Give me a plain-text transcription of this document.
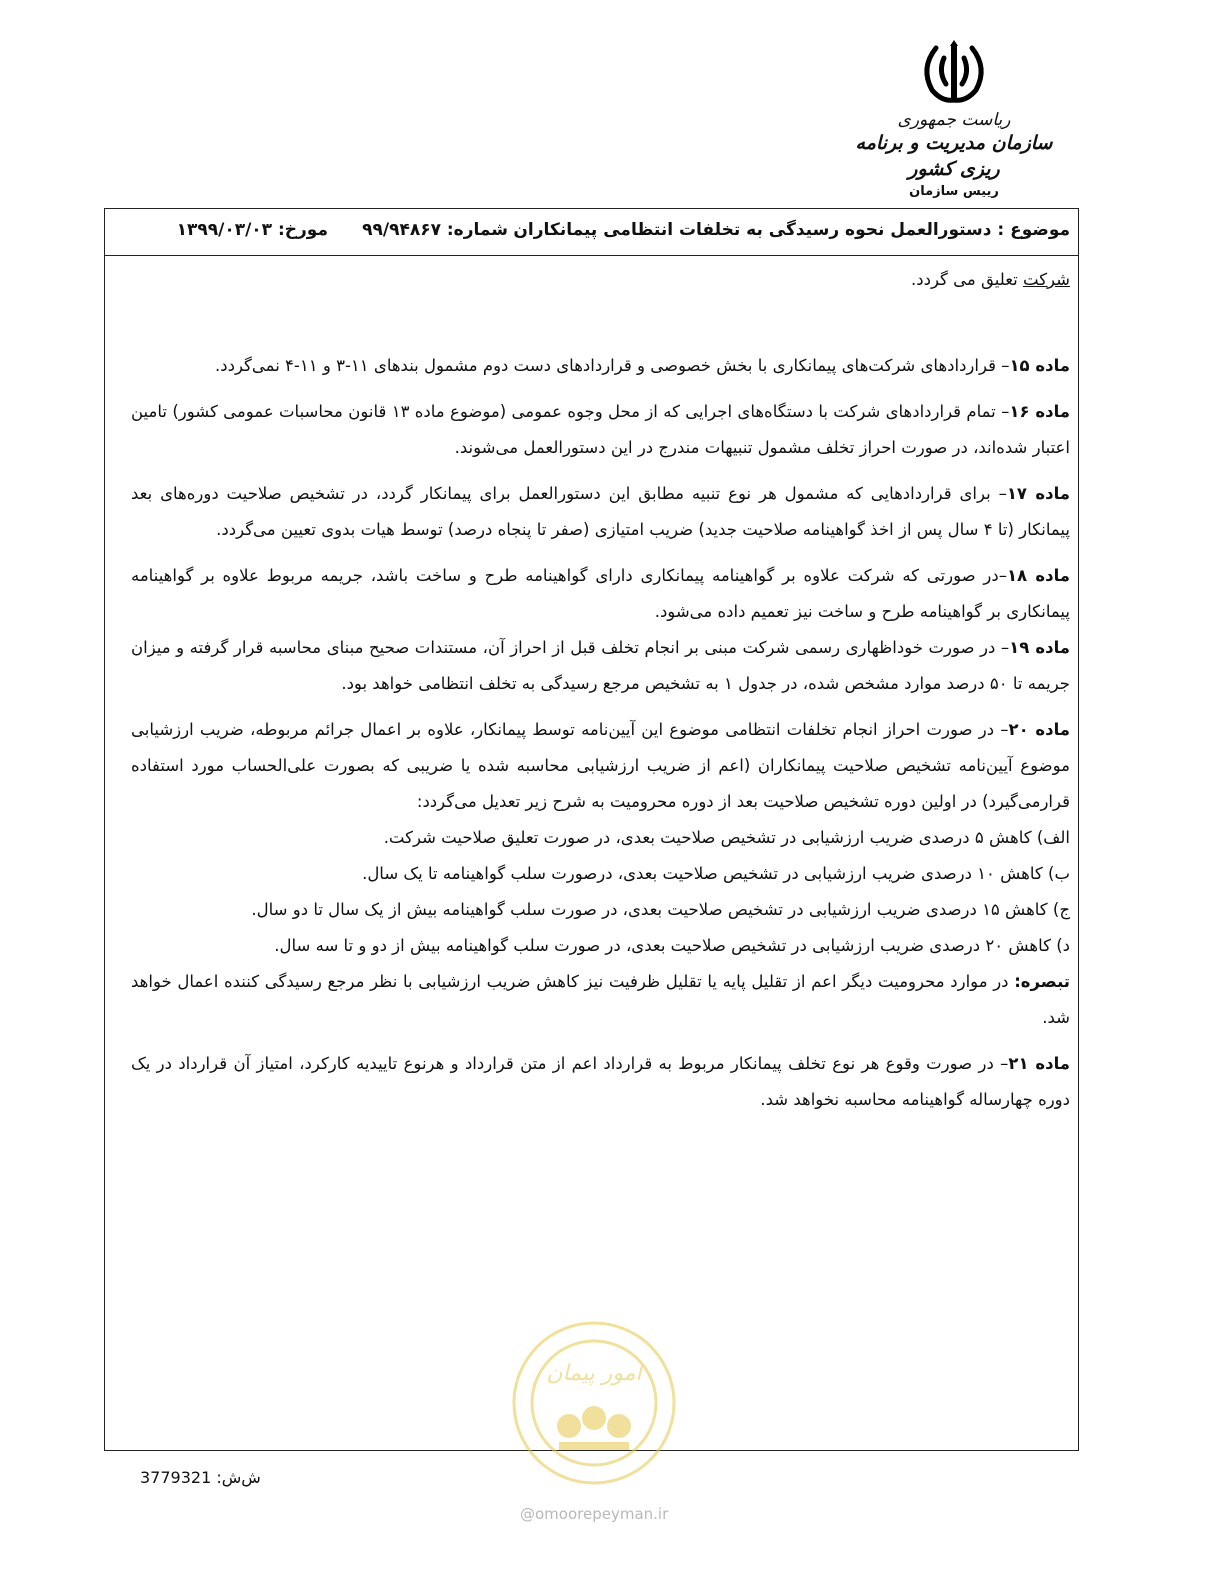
ریاست جمهوری
سازمان مدیریت و برنامه ریزی کشور
رییس سازمان
موضوع : دستورالعمل نحوه رسیدگی به تخلفات انتظامی پیمانکاران
شماره: ۹۹/۹۴۸۶۷
مورخ: ۱۳۹۹/۰۳/۰۳

شرکت تعلیق می گردد.

ماده ۱۵– قراردادهای شرکت‌های پیمانکاری با بخش خصوصی و قراردادهای دست دوم مشمول بندهای ۱۱-۳ و ۱۱-۴ نمی‌گردد.

ماده ۱۶– تمام قراردادهای شرکت با دستگاه‌های اجرایی که از محل وجوه عمومی (موضوع ماده ۱۳ قانون محاسبات عمومی کشور) تامین اعتبار شده‌اند، در صورت احراز تخلف مشمول تنبیهات مندرج در این دستورالعمل می‌شوند.

ماده ۱۷– برای قراردادهایی که مشمول هر نوع تنبیه مطابق این دستورالعمل برای پیمانکار گردد، در تشخیص صلاحیت دوره‌های بعد پیمانکار (تا ۴ سال پس از اخذ گواهینامه صلاحیت جدید) ضریب امتیازی (صفر تا پنجاه درصد) توسط هیات بدوی تعیین می‌گردد.

ماده ۱۸–در صورتی که شرکت علاوه بر گواهینامه پیمانکاری دارای گواهینامه طرح و ساخت باشد، جریمه مربوط علاوه بر گواهینامه پیمانکاری بر گواهینامه طرح و ساخت نیز تعمیم داده می‌شود.

ماده ۱۹– در صورت خوداظهاری رسمی شرکت مبنی بر انجام تخلف قبل از احراز آن، مستندات صحیح مبنای محاسبه قرار گرفته و میزان جریمه تا ۵۰ درصد موارد مشخص شده، در جدول ۱ به تشخیص مرجع رسیدگی به تخلف انتظامی خواهد بود.

ماده ۲۰– در صورت احراز انجام تخلفات انتظامی موضوع این آیین‌نامه توسط پیمانکار، علاوه بر اعمال جرائم مربوطه، ضریب ارزشیابی موضوع آیین‌نامه تشخیص صلاحیت پیمانکاران (اعم از ضریب ارزشیابی محاسبه شده یا ضریبی که بصورت علی‌الحساب مورد استفاده قرارمی‌گیرد) در اولین دوره تشخیص صلاحیت بعد از دوره محرومیت به شرح زیر تعدیل می‌گردد:

الف) کاهش ۵ درصدی ضریب ارزشیابی در تشخیص صلاحیت بعدی، در صورت تعلیق صلاحیت شرکت.

ب) کاهش ۱۰ درصدی ضریب ارزشیابی در تشخیص صلاحیت بعدی، درصورت سلب گواهینامه تا یک سال.

ج) کاهش ۱۵ درصدی ضریب ارزشیابی در تشخیص صلاحیت بعدی، در صورت سلب گواهینامه بیش از یک سال تا دو سال.

د) کاهش ۲۰ درصدی ضریب ارزشیابی در تشخیص صلاحیت بعدی، در صورت سلب گواهینامه بیش از دو و تا سه سال.

تبصره: در موارد محرومیت دیگر اعم از تقلیل پایه یا تقلیل ظرفیت نیز کاهش ضریب ارزشیابی با نظر مرجع رسیدگی کننده اعمال خواهد شد.

ماده ۲۱– در صورت وقوع هر نوع تخلف پیمانکار مربوط به قرارداد اعم از متن قرارداد و هرنوع تاییدیه کارکرد، امتیاز آن قرارداد در یک دوره چهارساله گواهینامه محاسبه نخواهد شد.

امور پیمان
ش‌ش: 3779321
@omoorepeyman.ir
